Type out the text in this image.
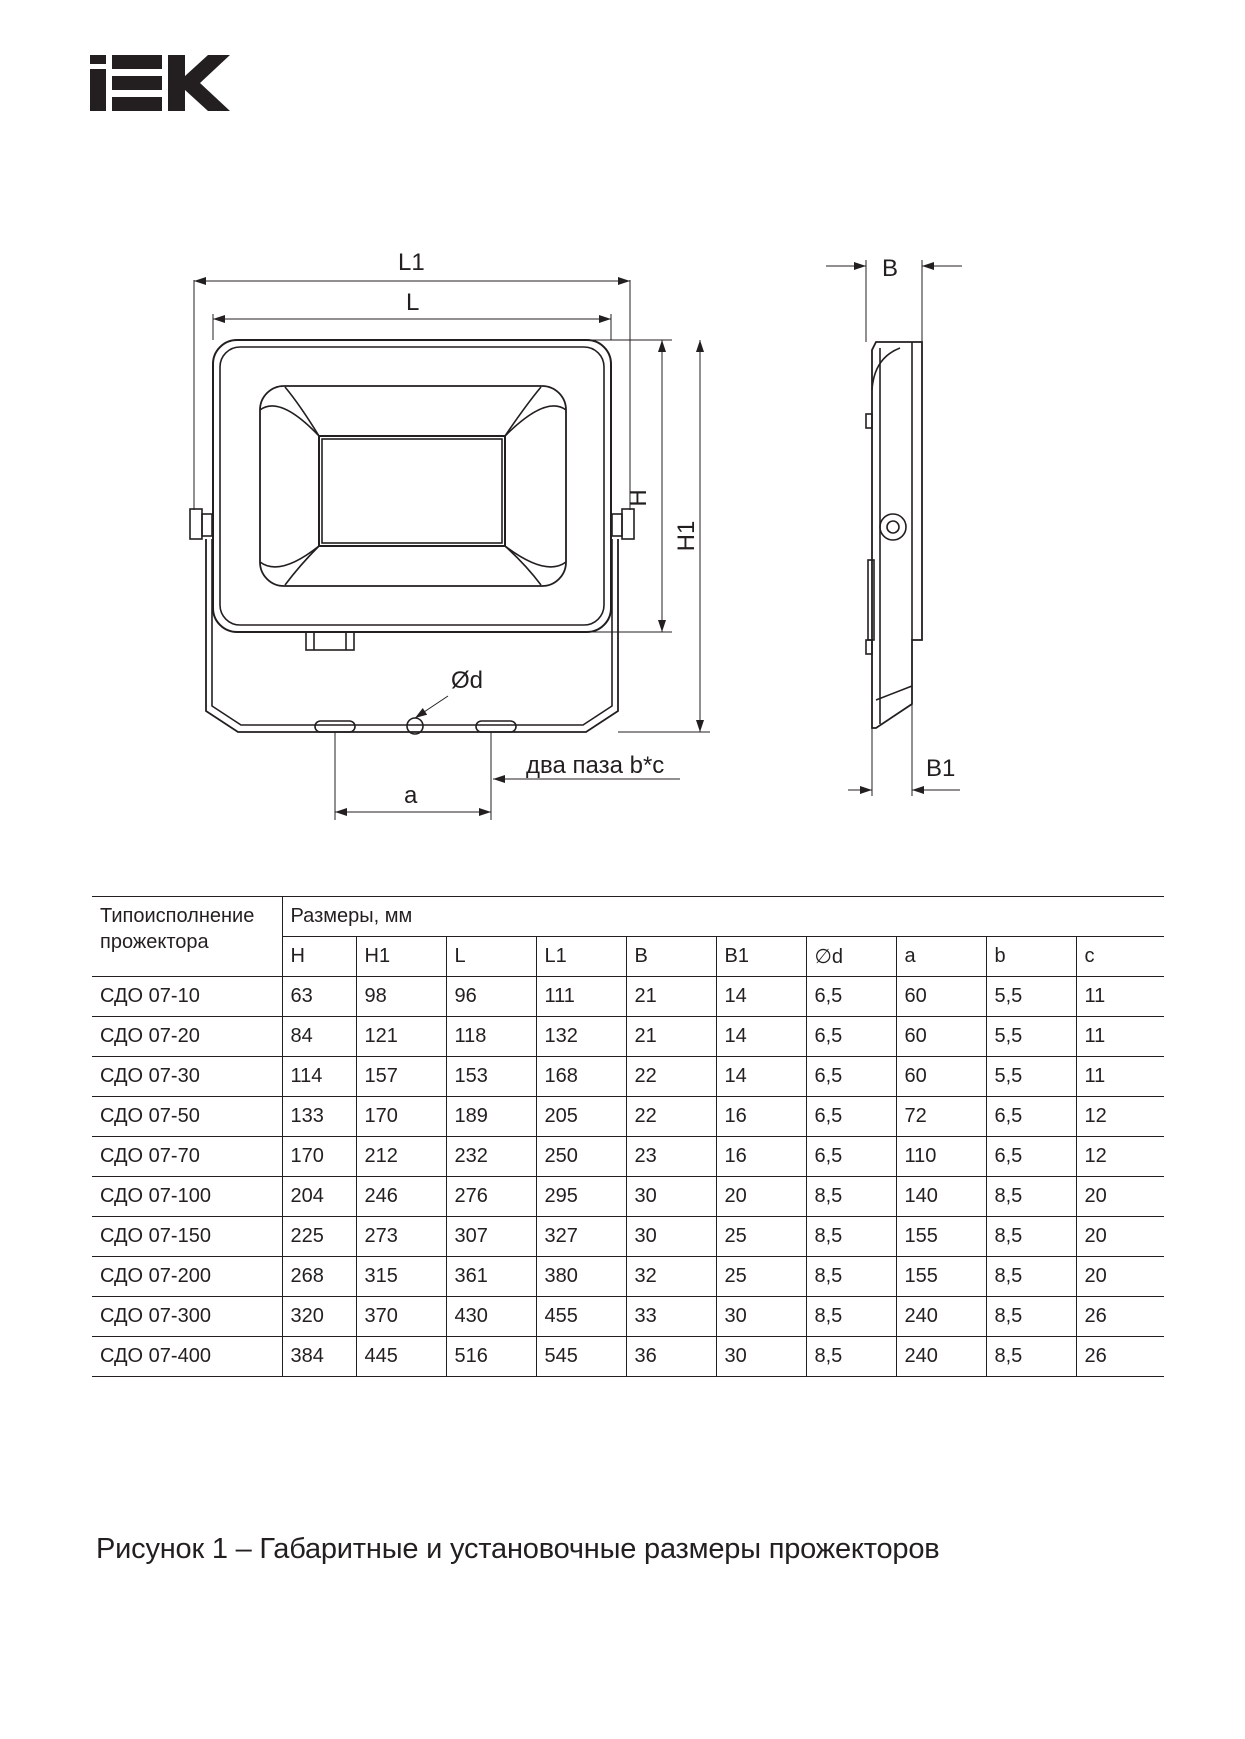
L1
L
H
H1
Ød
два паза b*c
a
B
B1
Типоисполнение прожектора	Размеры, мм									
	H	H1	L	L1	B	B1	∅d	a	b	c
СДО 07-10	63	98	96	111	21	14	6,5	60	5,5	11
СДО 07-20	84	121	118	132	21	14	6,5	60	5,5	11
СДО 07-30	114	157	153	168	22	14	6,5	60	5,5	11
СДО 07-50	133	170	189	205	22	16	6,5	72	6,5	12
СДО 07-70	170	212	232	250	23	16	6,5	110	6,5	12
СДО 07-100	204	246	276	295	30	20	8,5	140	8,5	20
СДО 07-150	225	273	307	327	30	25	8,5	155	8,5	20
СДО 07-200	268	315	361	380	32	25	8,5	155	8,5	20
СДО 07-300	320	370	430	455	33	30	8,5	240	8,5	26
СДО 07-400	384	445	516	545	36	30	8,5	240	8,5	26
Рисунок 1 – Габаритные и установочные размеры прожекторов
